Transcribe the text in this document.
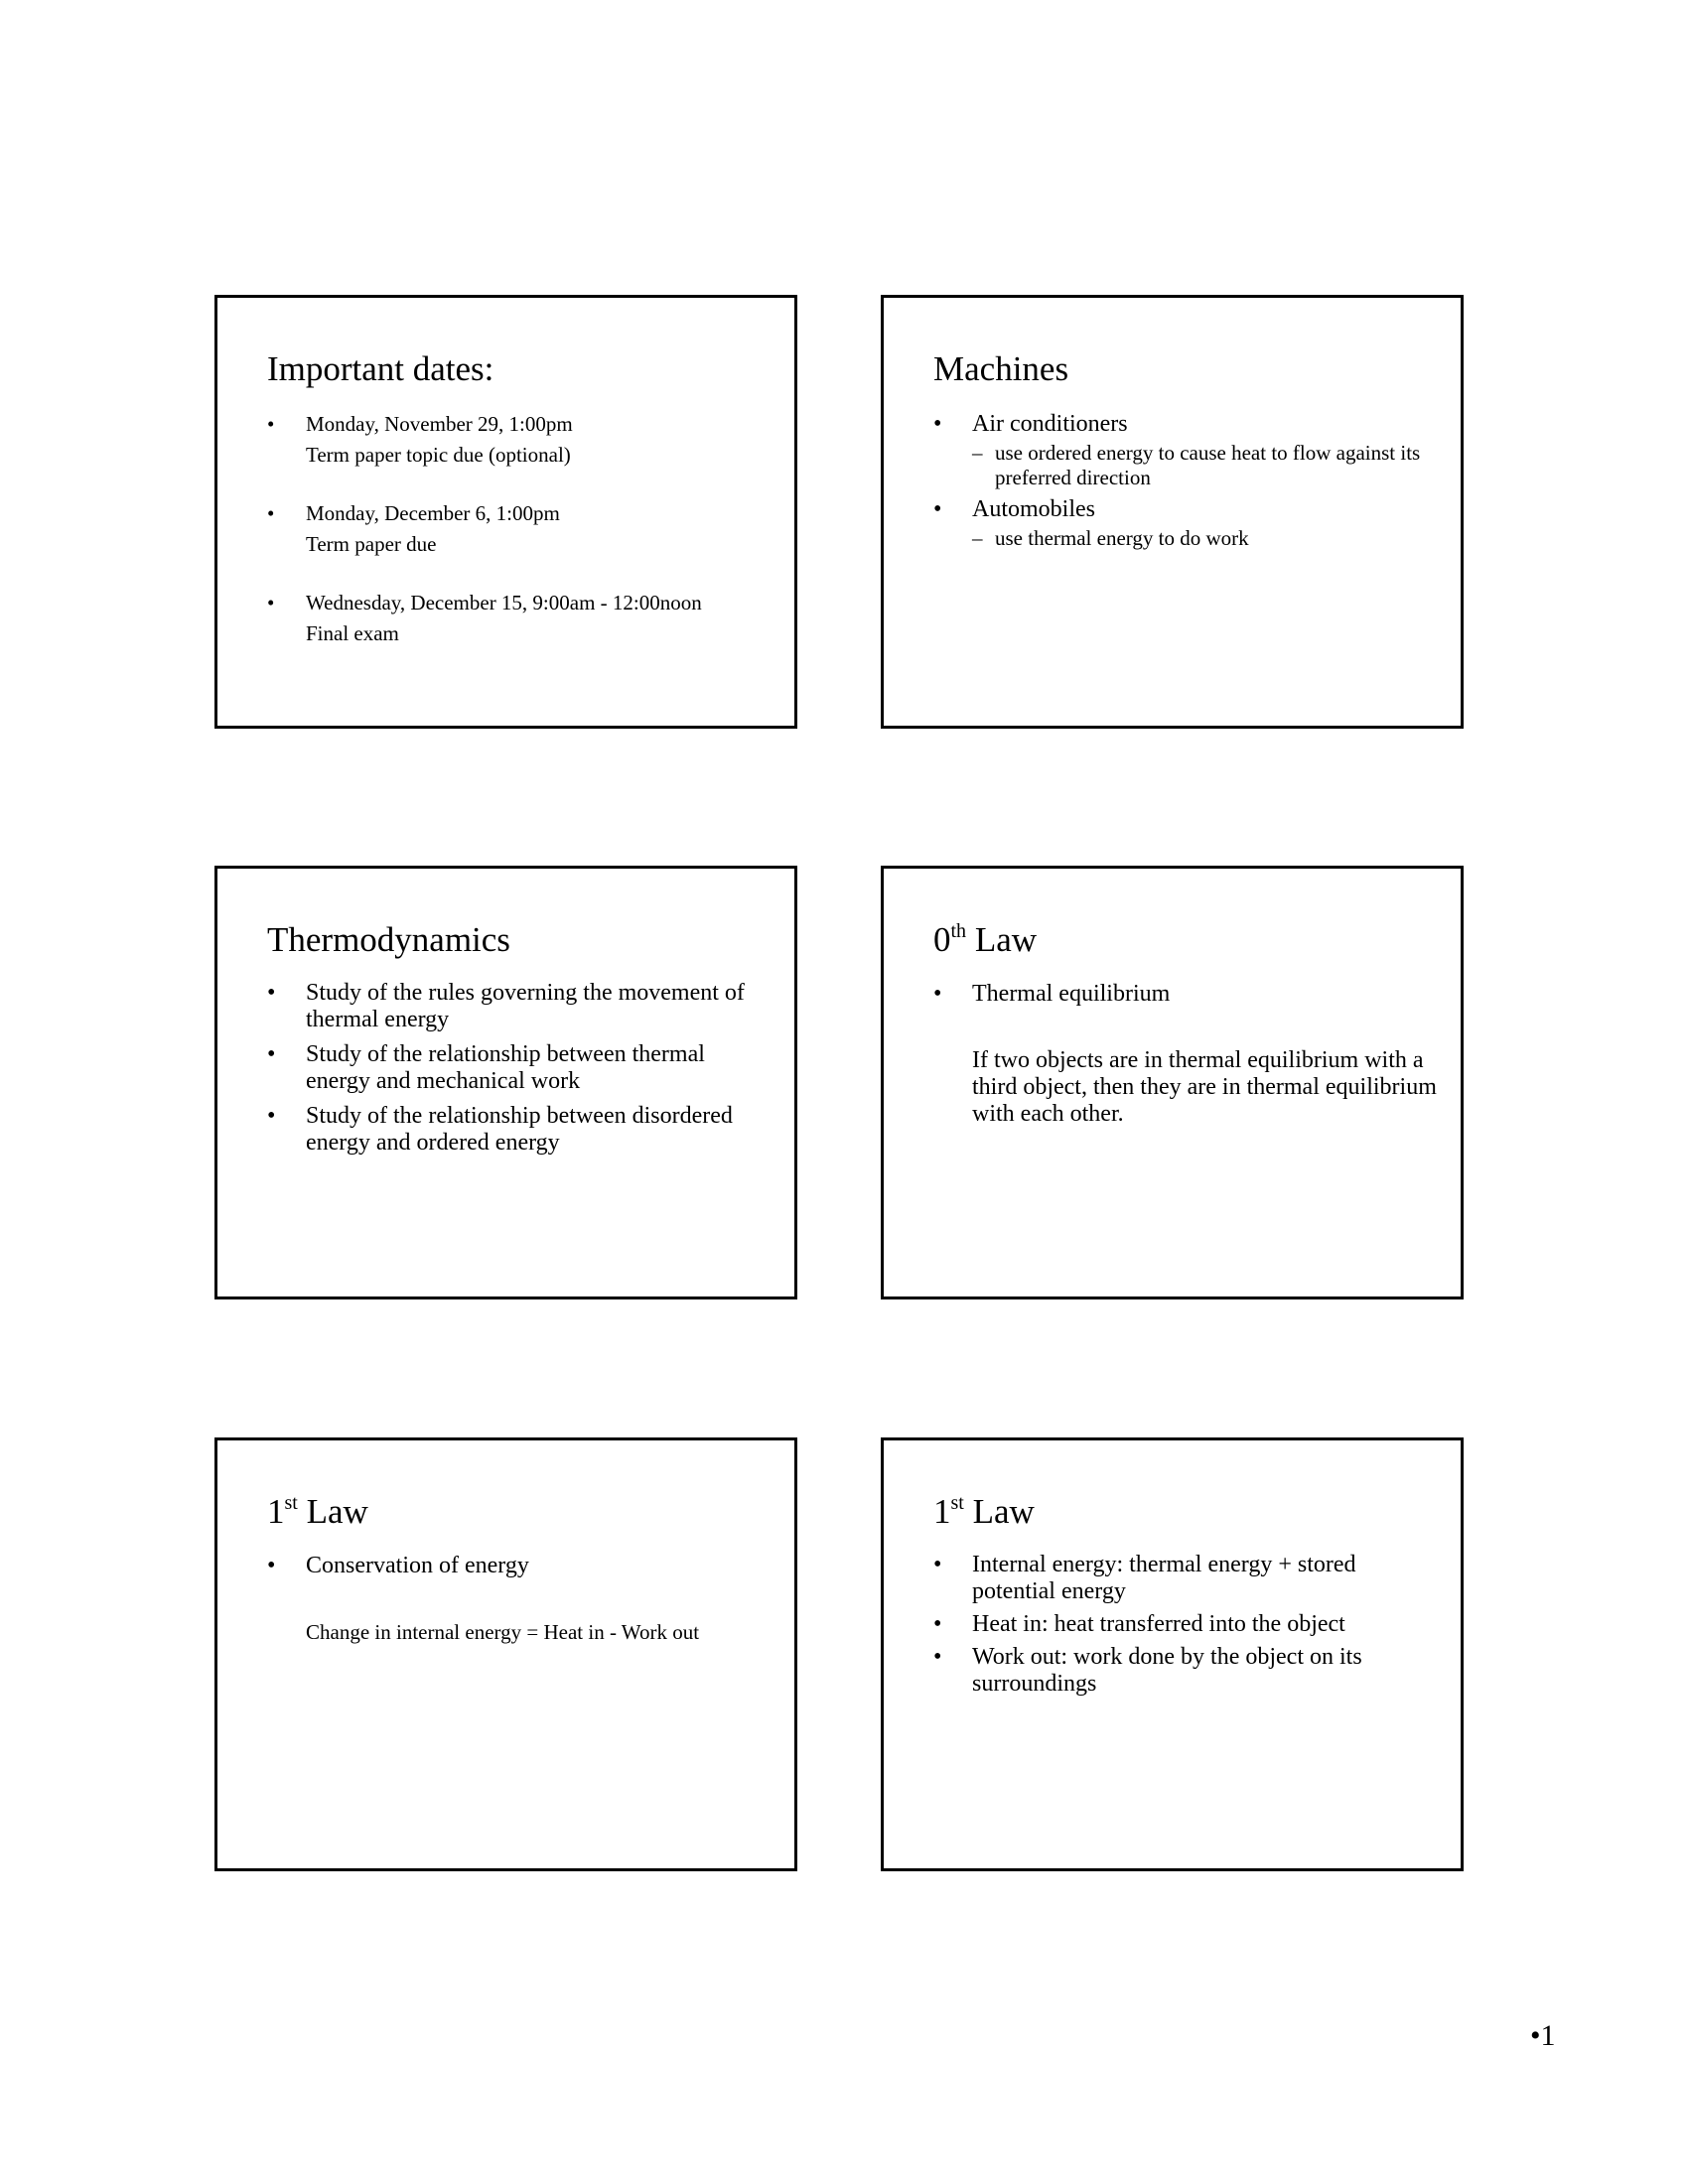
Important dates:
• Monday, November 29, 1:00pm
Term paper topic due (optional)
• Monday, December 6, 1:00pm
Term paper due
• Wednesday, December 15, 9:00am - 12:00noon
Final exam
Machines
• Air conditioners
– use ordered energy to cause heat to flow against its preferred direction
• Automobiles
– use thermal energy to do work
Thermodynamics
• Study of the rules governing the movement of thermal energy
• Study of the relationship between thermal energy and mechanical work
• Study of the relationship between disordered energy and ordered energy
0th Law
• Thermal equilibrium

If two objects are in thermal equilibrium with a third object, then they are in thermal equilibrium with each other.

1st Law
• Conservation of energy

Change in internal energy = Heat in - Work out

1st Law
• Internal energy: thermal energy + stored potential energy
• Heat in: heat transferred into the object
• Work out: work done by the object on its surroundings
•1
